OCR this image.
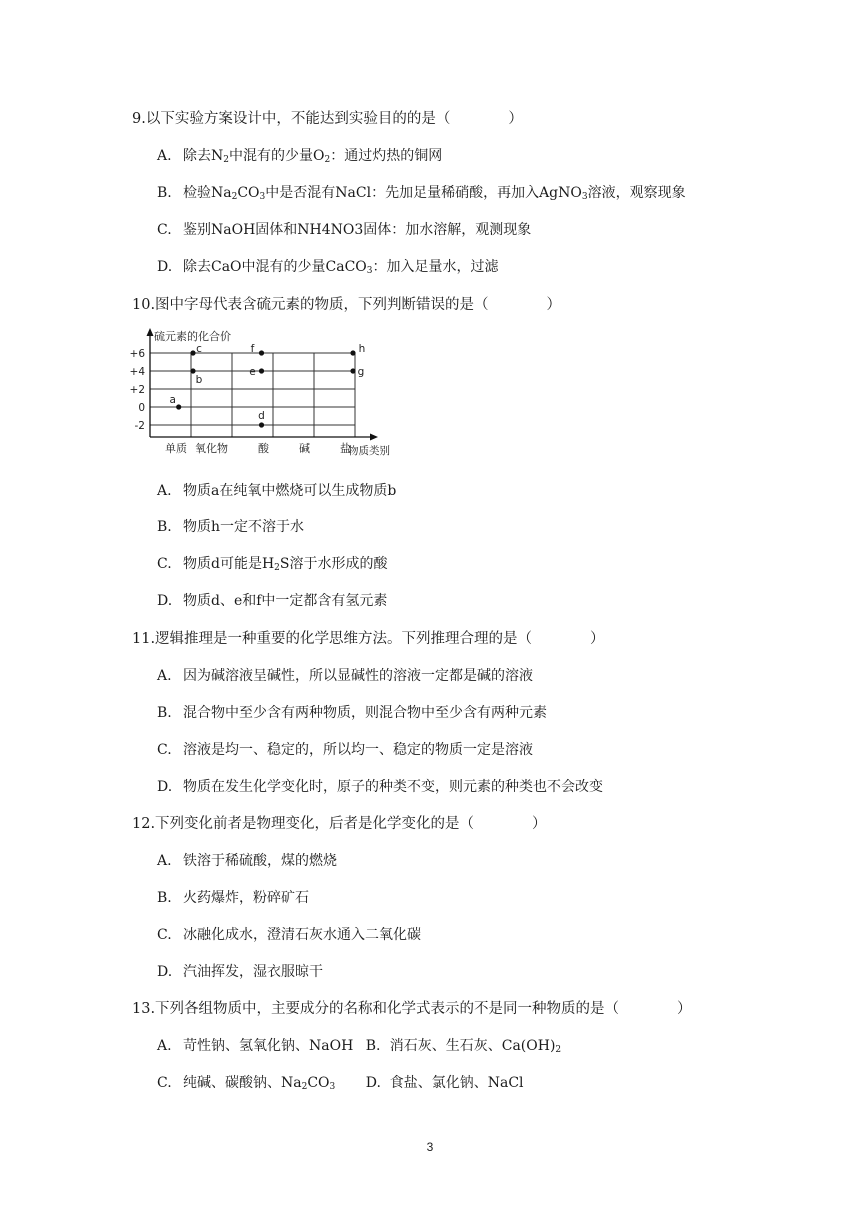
9.以下实验方案设计中，不能达到实验目的的是（　　　　）
A. 除去$N_2$中混有的少量$O_2$：通过灼热的铜网
B. 检验$Na_2CO_3$中是否混有NaCl：先加足量稀硝酸，再加入AgNO$_3$溶液，观察现象
C. 鉴别NaOH固体和NH4NO3固体：加水溶解，观测现象
D. 除去CaO中混有的少量CaCO$_3$：加入足量水，过滤
10.图中字母代表含硫元素的物质，下列判断错误的是（　　　　）
硫元素的化合价
物质类别
+6
+4
+2
0
-2
单质 氧化物	酸	碱	盐
a
b
c
d
e
f
g
h
A. 物质a在纯氧中燃烧可以生成物质b
B. 物质h一定不溶于水
C. 物质d可能是$H_2S$溶于水形成的酸
D. 物质d、e和f中一定都含有氢元素
11.逻辑推理是一种重要的化学思维方法。下列推理合理的是（　　　　）
A. 因为碱溶液呈碱性，所以显碱性的溶液一定都是碱的溶液
B. 混合物中至少含有两种物质，则混合物中至少含有两种元素
C. 溶液是均一、稳定的，所以均一、稳定的物质一定是溶液
D. 物质在发生化学变化时，原子的种类不变，则元素的种类也不会改变
12.下列变化前者是物理变化，后者是化学变化的是（　　　　）
A. 铁溶于稀硫酸，煤的燃烧
B. 火药爆炸，粉碎矿石
C. 冰融化成水，澄清石灰水通入二氧化碳
D. 汽油挥发，湿衣服晾干
13.下列各组物质中，主要成分的名称和化学式表示的不是同一种物质的是（　　　　）
A. 苛性钠、氢氧化钠、NaOH B. 消石灰、生石灰、$Ca(OH)_2$
C. 纯碱、碳酸钠、$Na_2CO_3$ D. 食盐、氯化钠、NaCl
3
